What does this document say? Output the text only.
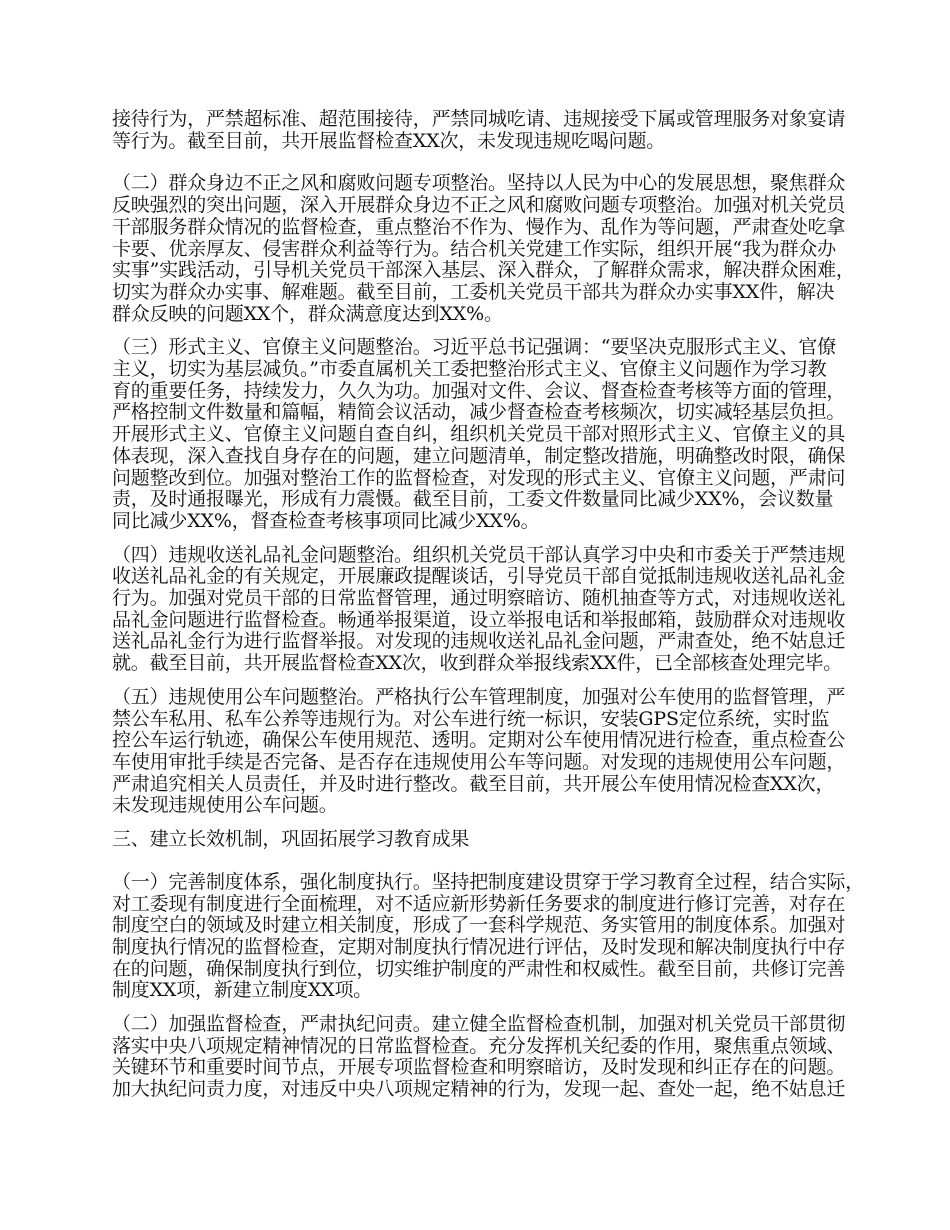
接待行为，严禁超标准、超范围接待，严禁同城吃请、违规接受下属或管理服务对象宴请
等行为。截至目前，共开展监督检查XX次，未发现违规吃喝问题。
（二）群众身边不正之风和腐败问题专项整治。坚持以人民为中心的发展思想，聚焦群众
反映强烈的突出问题，深入开展群众身边不正之风和腐败问题专项整治。加强对机关党员
干部服务群众情况的监督检查，重点整治不作为、慢作为、乱作为等问题，严肃查处吃拿
卡要、优亲厚友、侵害群众利益等行为。结合机关党建工作实际，组织开展“我为群众办
实事”实践活动，引导机关党员干部深入基层、深入群众，了解群众需求，解决群众困难，
切实为群众办实事、解难题。截至目前，工委机关党员干部共为群众办实事XX件，解决
群众反映的问题XX个，群众满意度达到XX%。
（三）形式主义、官僚主义问题整治。习近平总书记强调：“要坚决克服形式主义、官僚
主义，切实为基层减负。”市委直属机关工委把整治形式主义、官僚主义问题作为学习教
育的重要任务，持续发力，久久为功。加强对文件、会议、督查检查考核等方面的管理，
严格控制文件数量和篇幅，精简会议活动，减少督查检查考核频次，切实减轻基层负担。
开展形式主义、官僚主义问题自查自纠，组织机关党员干部对照形式主义、官僚主义的具
体表现，深入查找自身存在的问题，建立问题清单，制定整改措施，明确整改时限，确保
问题整改到位。加强对整治工作的监督检查，对发现的形式主义、官僚主义问题，严肃问
责，及时通报曝光，形成有力震慑。截至目前，工委文件数量同比减少XX%，会议数量
同比减少XX%，督查检查考核事项同比减少XX%。
（四）违规收送礼品礼金问题整治。组织机关党员干部认真学习中央和市委关于严禁违规
收送礼品礼金的有关规定，开展廉政提醒谈话，引导党员干部自觉抵制违规收送礼品礼金
行为。加强对党员干部的日常监督管理，通过明察暗访、随机抽查等方式，对违规收送礼
品礼金问题进行监督检查。畅通举报渠道，设立举报电话和举报邮箱，鼓励群众对违规收
送礼品礼金行为进行监督举报。对发现的违规收送礼品礼金问题，严肃查处，绝不姑息迁
就。截至目前，共开展监督检查XX次，收到群众举报线索XX件，已全部核查处理完毕。
（五）违规使用公车问题整治。严格执行公车管理制度，加强对公车使用的监督管理，严
禁公车私用、私车公养等违规行为。对公车进行统一标识，安装GPS定位系统，实时监
控公车运行轨迹，确保公车使用规范、透明。定期对公车使用情况进行检查，重点检查公
车使用审批手续是否完备、是否存在违规使用公车等问题。对发现的违规使用公车问题，
严肃追究相关人员责任，并及时进行整改。截至目前，共开展公车使用情况检查XX次，
未发现违规使用公车问题。
三、建立长效机制，巩固拓展学习教育成果
（一）完善制度体系，强化制度执行。坚持把制度建设贯穿于学习教育全过程，结合实际，
对工委现有制度进行全面梳理，对不适应新形势新任务要求的制度进行修订完善，对存在
制度空白的领域及时建立相关制度，形成了一套科学规范、务实管用的制度体系。加强对
制度执行情况的监督检查，定期对制度执行情况进行评估，及时发现和解决制度执行中存
在的问题，确保制度执行到位，切实维护制度的严肃性和权威性。截至目前，共修订完善
制度XX项，新建立制度XX项。
（二）加强监督检查，严肃执纪问责。建立健全监督检查机制，加强对机关党员干部贯彻
落实中央八项规定精神情况的日常监督检查。充分发挥机关纪委的作用，聚焦重点领域、
关键环节和重要时间节点，开展专项监督检查和明察暗访，及时发现和纠正存在的问题。
加大执纪问责力度，对违反中央八项规定精神的行为，发现一起、查处一起，绝不姑息迁
